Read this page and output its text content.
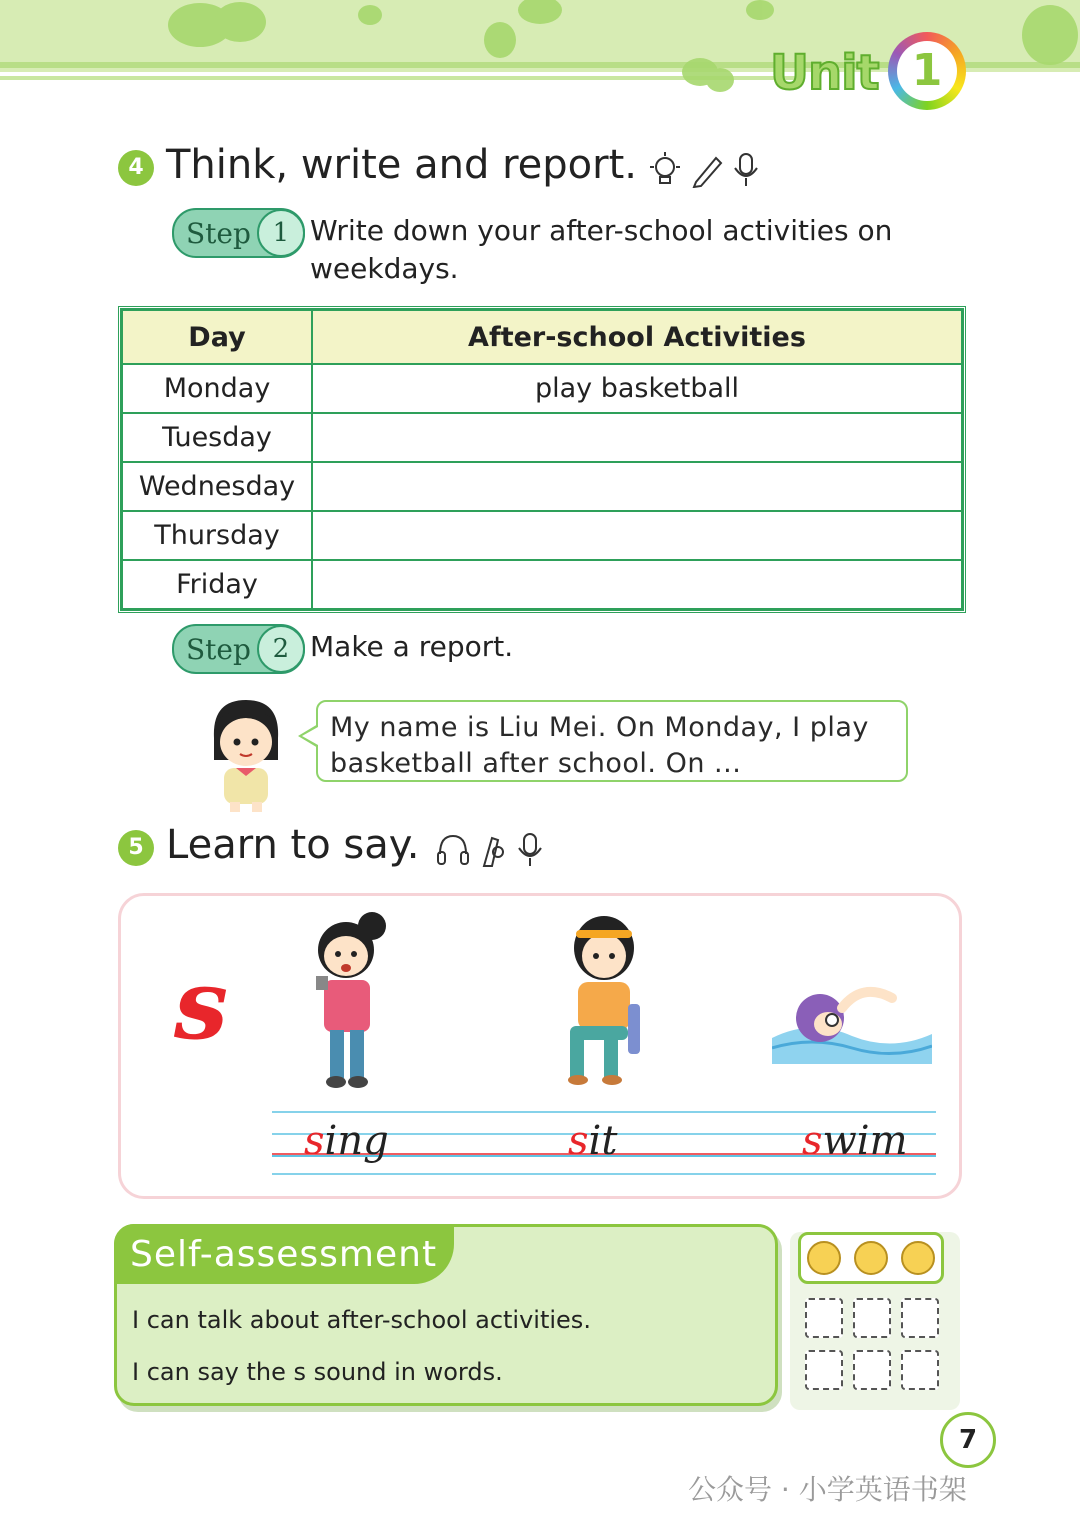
Unit 1
4 Think, write and report.
Step 1 Write down your after-school activities on
weekdays.
Day	After-school Activities
Monday	play basketball
Tuesday	
Wednesday	
Thursday	
Friday	
Step 2 Make a report.
My name is Liu Mei. On Monday, I play
basketball after school. On ...
5 Learn to say.
s
sing	sit	swim
Self-assessment
I can talk about after-school activities.
I can say the s sound in words.
7
公众号 · 小学英语书架
